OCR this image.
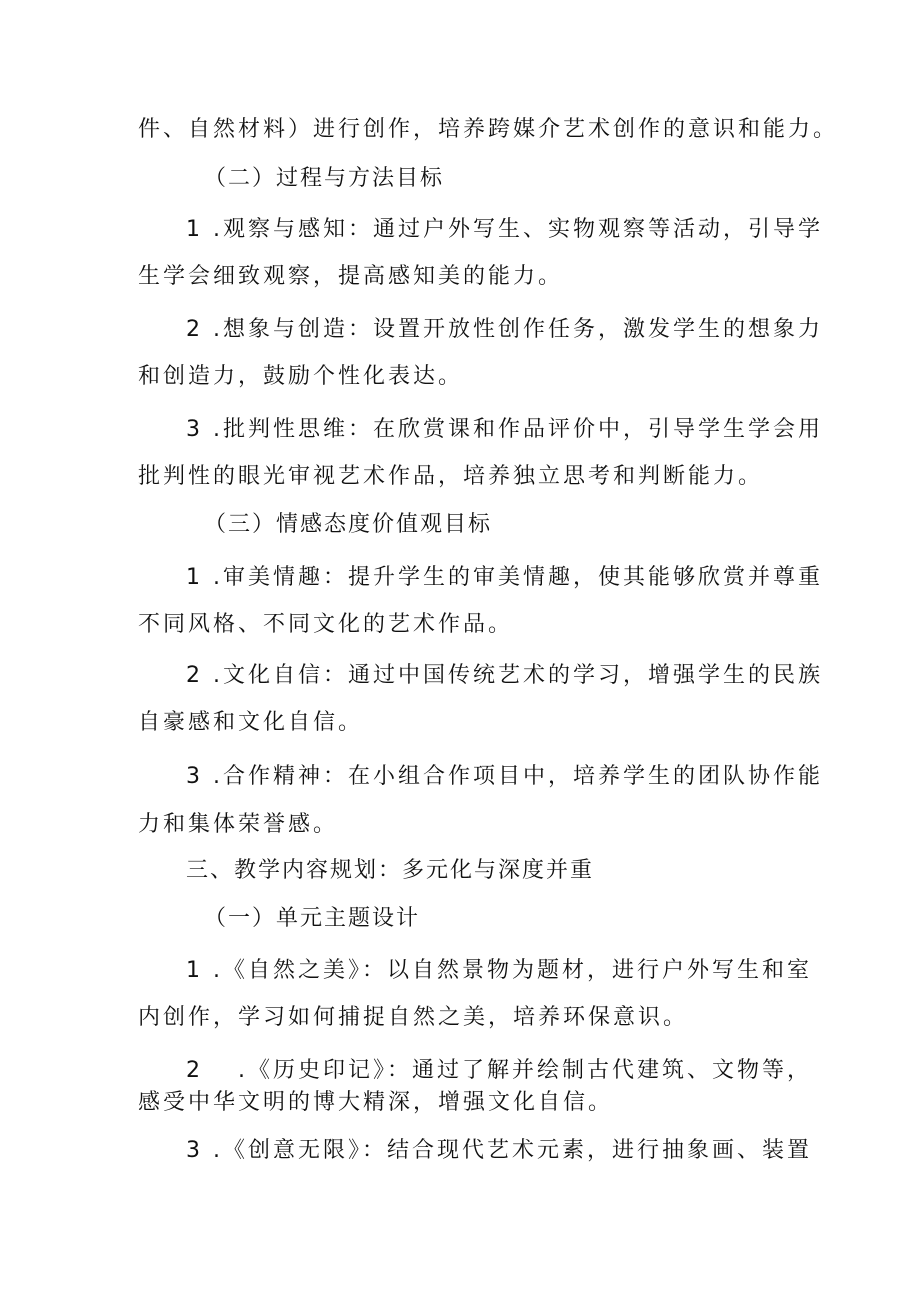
件、自然材料）进行创作，培养跨媒介艺术创作的意识和能力。

（二）过程与方法目标

1 .观察与感知：通过户外写生、实物观察等活动，引导学

生学会细致观察，提高感知美的能力。

2 .想象与创造：设置开放性创作任务，激发学生的想象力

和创造力，鼓励个性化表达。

3 .批判性思维：在欣赏课和作品评价中，引导学生学会用

批判性的眼光审视艺术作品，培养独立思考和判断能力。

（三）情感态度价值观目标

1 .审美情趣：提升学生的审美情趣，使其能够欣赏并尊重

不同风格、不同文化的艺术作品。

2 .文化自信：通过中国传统艺术的学习，增强学生的民族

自豪感和文化自信。

3 .合作精神：在小组合作项目中，培养学生的团队协作能

力和集体荣誉感。

三、教学内容规划：多元化与深度并重

（一）单元主题设计

1 .《自然之美》：以自然景物为题材，进行户外写生和室

内创作，学习如何捕捉自然之美，培养环保意识。

2　 .《历史印记》：通过了解并绘制古代建筑、文物等，

感受中华文明的博大精深，增强文化自信。

3 .《创意无限》：结合现代艺术元素，进行抽象画、装置
